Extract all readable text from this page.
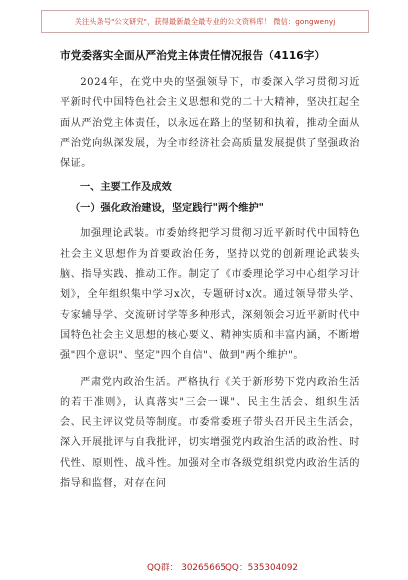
关注头条号"公文研究"，获得最新最全最专业的公文资料库！ 微信：gongwenyj
市党委落实全面从严治党主体责任情况报告（4116字）

2024年，在党中央的坚强领导下，市委深入学习贯彻习近平新时代中国特色社会主义思想和党的二十大精神，坚决扛起全面从严治党主体责任，以永远在路上的坚韧和执着，推动全面从严治党向纵深发展，为全市经济社会高质量发展提供了坚强政治保证。

一、主要工作及成效
（一）强化政治建设，坚定践行"两个维护"

加强理论武装。市委始终把学习贯彻习近平新时代中国特色社会主义思想作为首要政治任务，坚持以党的创新理论武装头脑、指导实践、推动工作。制定了《市委理论学习中心组学习计划》，全年组织集中学习x次，专题研讨x次。通过领导带头学、专家辅导学、交流研讨学等多种形式，深刻领会习近平新时代中国特色社会主义思想的核心要义、精神实质和丰富内涵，不断增强"四个意识"、坚定"四个自信"、做到"两个维护"。

严肃党内政治生活。严格执行《关于新形势下党内政治生活的若干准则》，认真落实"三会一课"、民主生活会、组织生活会、民主评议党员等制度。市委常委班子带头召开民主生活会，深入开展批评与自我批评，切实增强党内政治生活的政治性、时代性、原则性、战斗性。加强对全市各级党组织党内政治生活的指导和监督，对存在问

QQ群： 30265665
QQ：535304092
